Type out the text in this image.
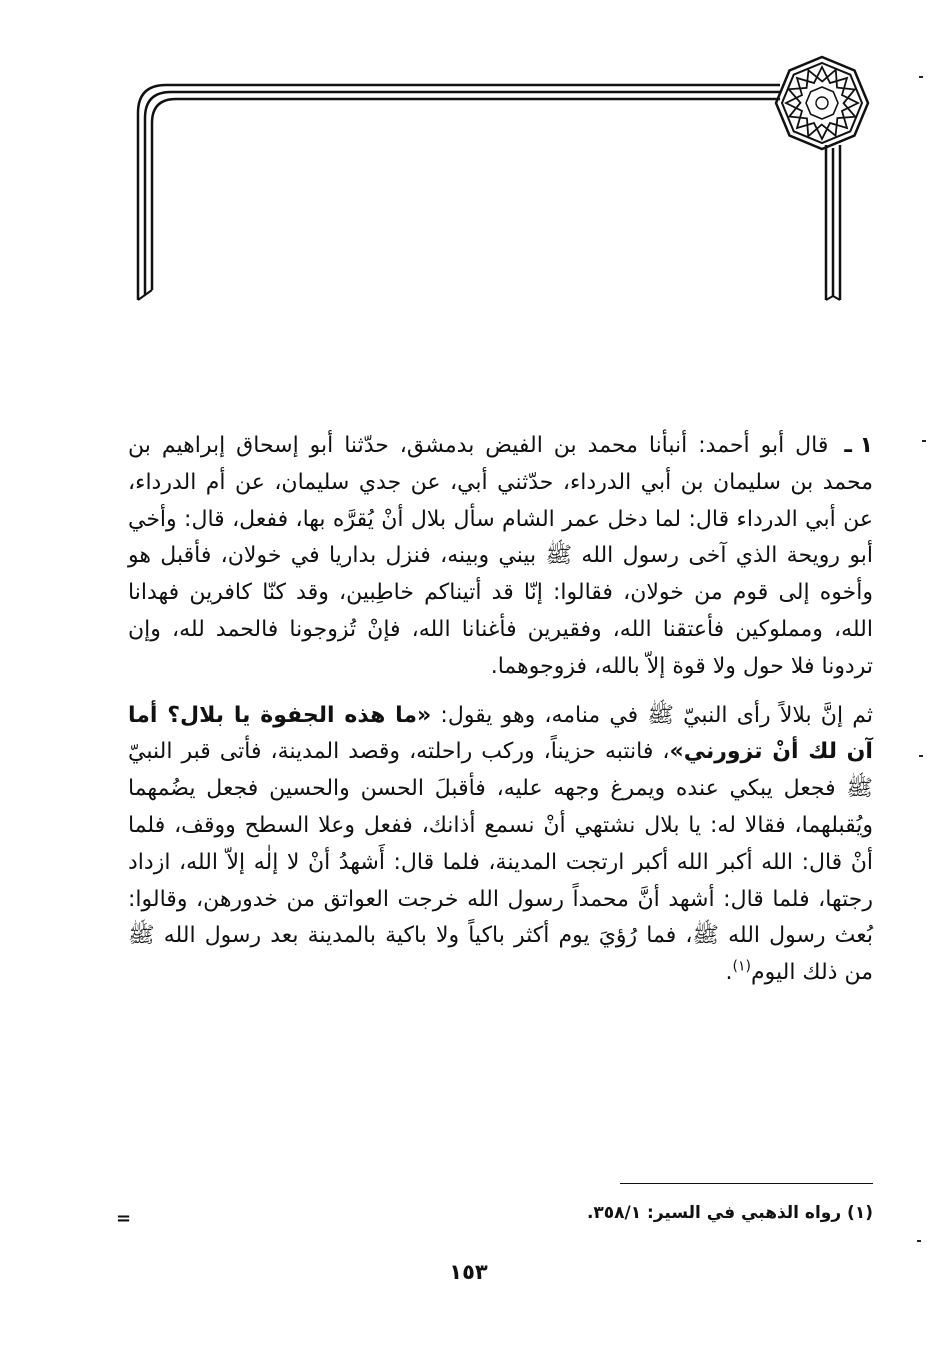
١ ـقال أبو أحمد: أنبأنا محمد بن الفيض بدمشق، حدّثنا أبو إسحاق إبراهيم بن محمد بن سليمان بن أبي الدرداء، حدّثني أبي، عن جدي سليمان، عن أم الدرداء، عن أبي الدرداء قال: لما دخل عمر الشام سأل بلال أنْ يُقرَّه بها، ففعل، قال: وأخي أبو رويحة الذي آخى رسول الله ﷺ بيني وبينه، فنزل بداريا في خولان، فأقبل هو وأخوه إلى قوم من خولان، فقالوا: إنّا قد أتيناكم خاطِبين، وقد كنّا كافرين فهدانا الله، ومملوكين فأعتقنا الله، وفقيرين فأغنانا الله، فإنْ تُزوجونا فالحمد لله، وإن تردونا فلا حول ولا قوة إلاّ بالله، فزوجوهما.

ثم إنَّ بلالاً رأى النبيّ ﷺ في منامه، وهو يقول: «ما هذه الجفوة يا بلال؟ أما آن لك أنْ تزورني»، فانتبه حزيناً، وركب راحلته، وقصد المدينة، فأتى قبر النبيّ ﷺ فجعل يبكي عنده ويمرغ وجهه عليه، فأقبلَ الحسن والحسين فجعل يضُمهما ويُقبلهما، فقالا له: يا بلال نشتهي أنْ نسمع أذانك، ففعل وعلا السطح ووقف، فلما أنْ قال: الله أكبر الله أكبر ارتجت المدينة، فلما قال: أَشهدُ أنْ لا إلٰه إلاّ الله، ازداد رجتها، فلما قال: أشهد أنَّ محمداً رسول الله خرجت العواتق من خدورهن، وقالوا: بُعث رسول الله ﷺ، فما رُؤيَ يوم أكثر باكياً ولا باكية بالمدينة بعد رسول الله ﷺ من ذلك اليوم$^{(١)}$.

(١) رواه الذهبي في السير: ٣٥٨/١.
=
١٥٣
